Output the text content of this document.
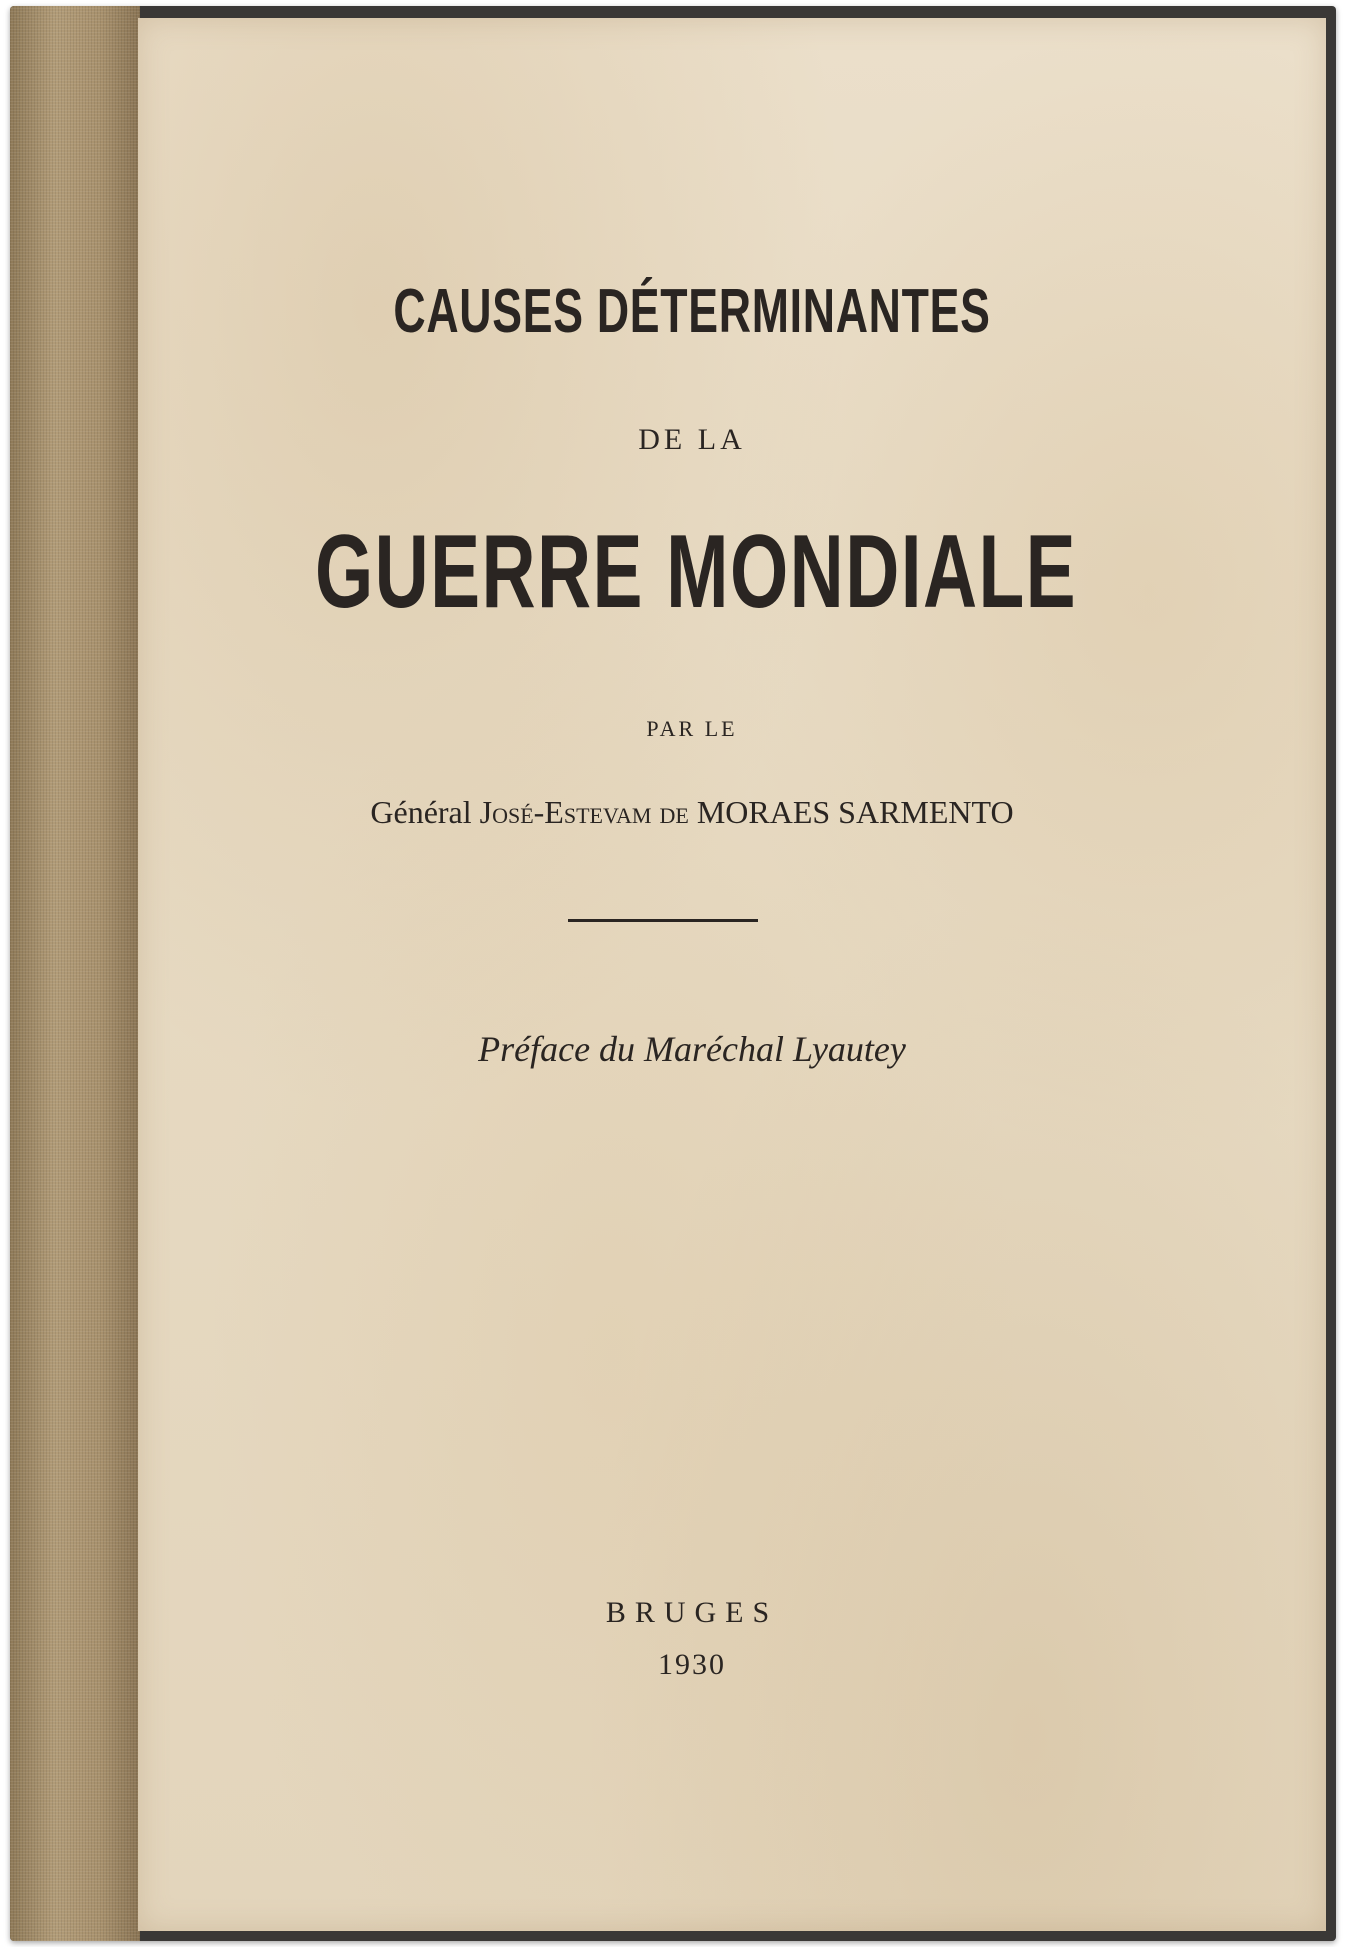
CAUSES DÉTERMINANTES
DE LA
GUERRE MONDIALE
PAR LE
Général José-Estevam de MORAES SARMENTO
Préface du Maréchal Lyautey
BRUGES
1930
